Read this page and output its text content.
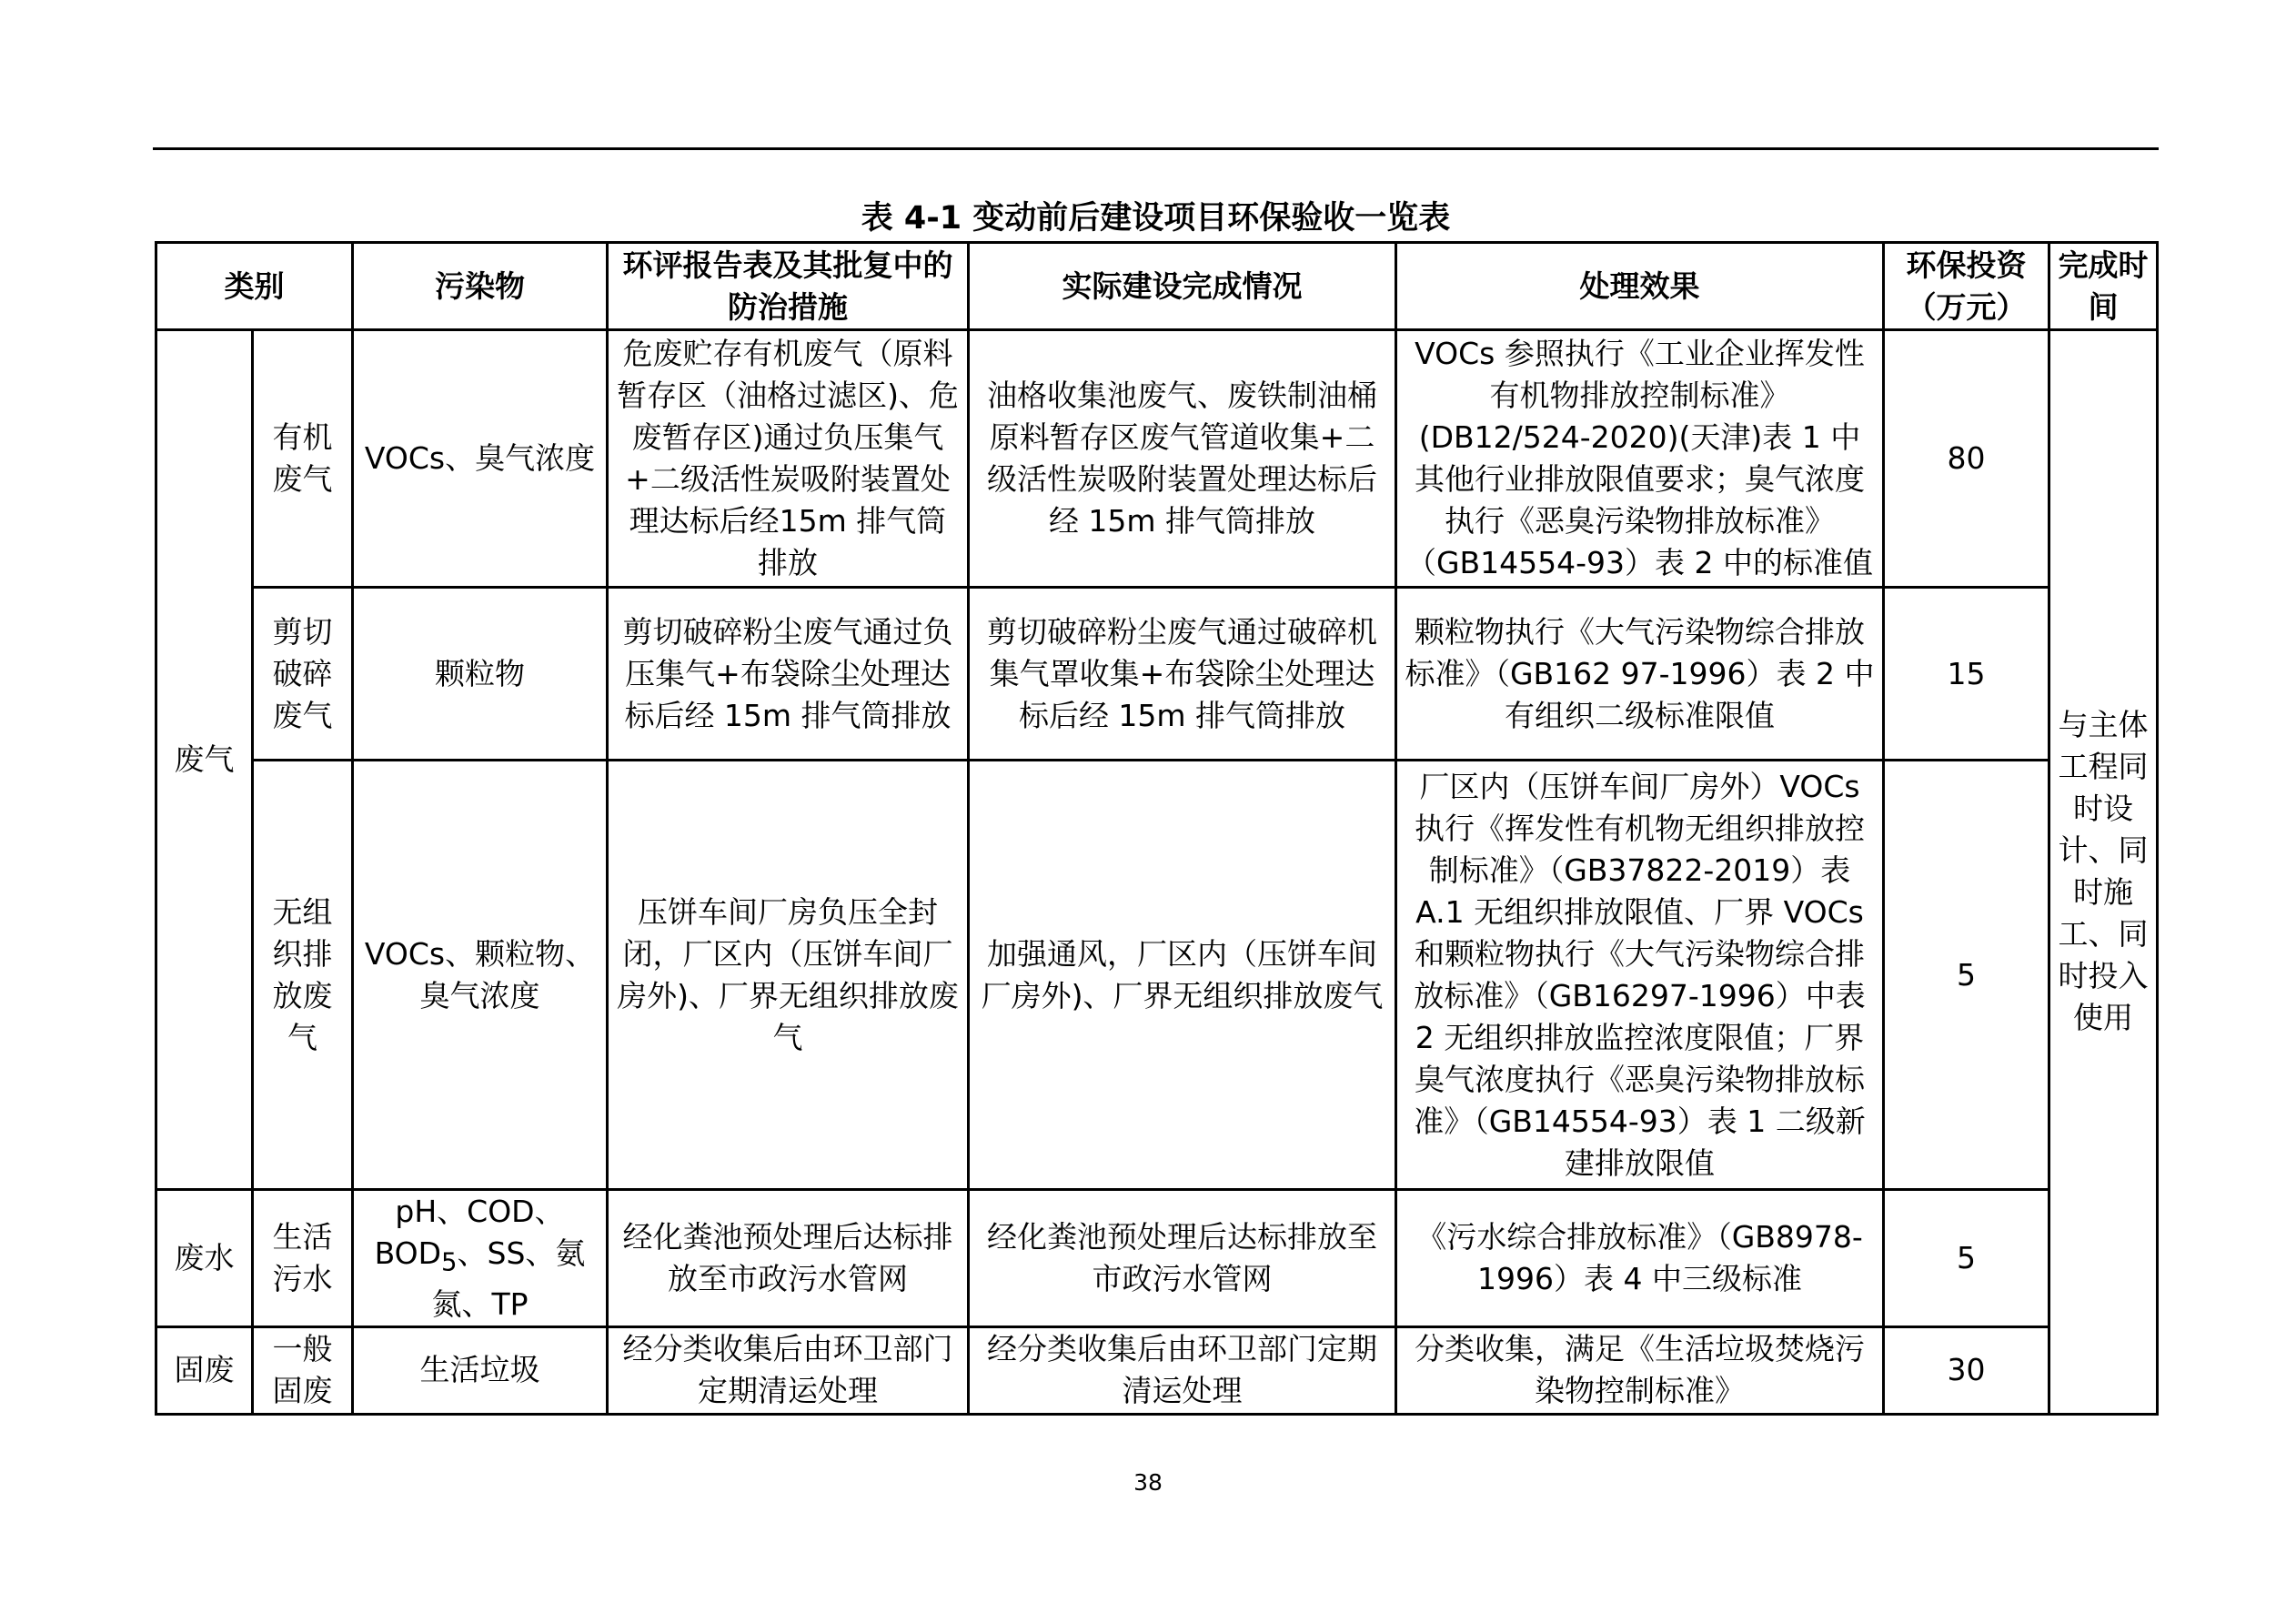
表 4-1 变动前后建设项目环保验收一览表
类别		污染物	环评报告表及其批复中的防治措施	实际建设完成情况	处理效果	环保投资（万元）	完成时间
废气	有机废气	VOCs、臭气浓度	危废贮存有机废气（原料暂存区（油格过滤区)、危废暂存区)通过负压集气+二级活性炭吸附装置处理达标后经15m 排气筒排放	油格收集池废气、废铁制油桶原料暂存区废气管道收集+二级活性炭吸附装置处理达标后经 15m 排气筒排放	VOCs 参照执行《工业企业挥发性有机物排放控制标准》(DB12/524-2020)(天津)表 1 中其他行业排放限值要求；臭气浓度执行《恶臭污染物排放标准》（GB14554-93）表 2 中的标准值	80	与主体工程同时设计、同时施工、同时投入使用
	剪切破碎废气	颗粒物	剪切破碎粉尘废气通过负压集气+布袋除尘处理达标后经 15m 排气筒排放	剪切破碎粉尘废气通过破碎机集气罩收集+布袋除尘处理达标后经 15m 排气筒排放	颗粒物执行《大气污染物综合排放标准》（GB162 97-1996）表 2 中有组织二级标准限值	15	
	无组织排放废气	VOCs、颗粒物、臭气浓度	压饼车间厂房负压全封闭，厂区内（压饼车间厂房外)、厂界无组织排放废气	加强通风，厂区内（压饼车间厂房外)、厂界无组织排放废气	厂区内（压饼车间厂房外）VOCs 执行《挥发性有机物无组织排放控制标准》（GB37822-2019）表 A.1 无组织排放限值、厂界 VOCs 和颗粒物执行《大气污染物综合排放标准》（GB16297-1996）中表 2 无组织排放监控浓度限值；厂界臭气浓度执行《恶臭污染物排放标准》（GB14554-93）表 1 二级新建排放限值	5	
废水	生活污水	pH、COD、$BOD_5$、SS、氨氮、TP	经化粪池预处理后达标排放至市政污水管网	经化粪池预处理后达标排放至市政污水管网	《污水综合排放标准》（GB8978-1996）表 4 中三级标准	5	
固废	一般固废	生活垃圾	经分类收集后由环卫部门定期清运处理	经分类收集后由环卫部门定期清运处理	分类收集，满足《生活垃圾焚烧污染物控制标准》	30	
38
